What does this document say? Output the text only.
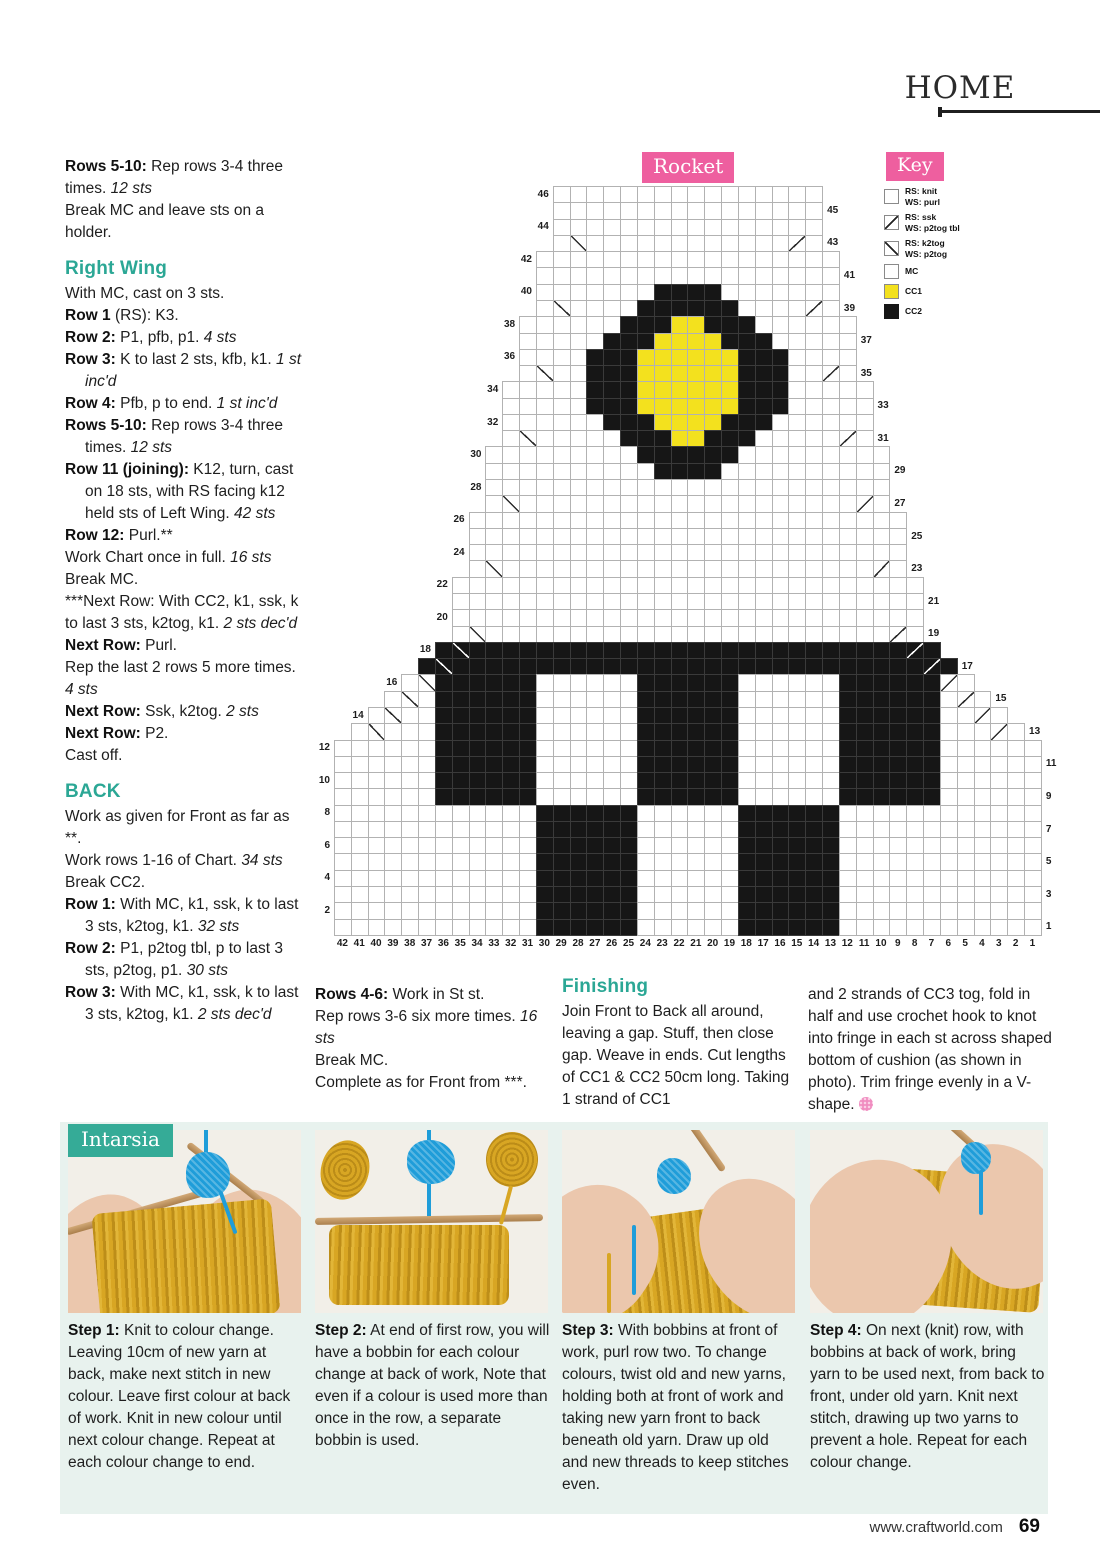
HOME

Rows 5-10: Rep rows 3-4 three times. 12 sts

Break MC and leave sts on a holder.

Right Wing

With MC, cast on 3 sts.

Row 1 (RS): K3.

Row 2: P1, pfb, p1. 4 sts

Row 3: K to last 2 sts, kfb, k1. 1 st inc'd

Row 4: Pfb, p to end. 1 st inc'd

Rows 5-10: Rep rows 3-4 three times. 12 sts

Row 11 (joining): K12, turn, cast on 18 sts, with RS facing k12 held sts of Left Wing. 42 sts

Row 12: Purl.**

Work Chart once in full. 16 sts

Break MC.

***Next Row: With CC2, k1, ssk, k to last 3 sts, k2tog, k1. 2 sts dec'd

Next Row: Purl.

Rep the last 2 rows 5 more times. 4 sts

Next Row: Ssk, k2tog. 2 sts

Next Row: P2.

Cast off.

BACK

Work as given for Front as far as **.

Work rows 1-16 of Chart. 34 sts

Break CC2.

Row 1: With MC, k1, ssk, k to last 3 sts, k2tog, k1. 32 sts

Row 2: P1, p2tog tbl, p to last 3 sts, p2tog, p1. 30 sts

Row 3: With MC, k1, ssk, k to last 3 sts, k2tog, k1. 2 sts dec'd

Rocket	Key
RS: knit
WS: purl
RS: ssk
WS: p2tog tbl
RS: k2tog
WS: p2tog
MC
CC1
CC2
46
45
44
43
42
41
40
39
38
37
36
35
34
33
32
31
30
29
28
27
26
25
24
23
22
21
20
19
18
17
16
15
14
13
12
11
10
9
8
7
6
5
4
3
2
1
42 41 40 39 38 37 36 35 34 33 32 31 30 29 28 27 26 25 24 23 22 21 20 19 18 17 16 15 14 13 12 11 10 9	8	7	6	5	4	3	2	1

Rows 4-6: Work in St st.

Rep rows 3-6 six more times. 16 sts

Break MC.

Complete as for Front from ***.

Finishing

Join Front to Back all around, leaving a gap. Stuff, then close gap. Weave in ends. Cut lengths of CC1 & CC2 50cm long. Taking 1 strand of CC1

and 2 strands of CC3 tog, fold in half and use crochet hook to knot into fringe in each st across shaped bottom of cushion (as shown in photo). Trim fringe evenly in a V-shape.

Intarsia

Step 1: Knit to colour change. Leaving 10cm of new yarn at back, make next stitch in new colour. Leave first colour at back of work. Knit in new colour until next colour change. Repeat at each colour change to end.

Step 2: At end of first row, you will have a bobbin for each colour change at back of work, Note that even if a colour is used more than once in the row, a separate bobbin is used.

Step 3: With bobbins at front of work, purl row two. To change colours, twist old and new yarns, holding both at front of work and taking new yarn front to back beneath old yarn. Draw up old and new threads to keep stitches even.

Step 4: On next (knit) row, with bobbins at back of work, bring yarn to be used next, from back to front, under old yarn. Knit next stitch, drawing up two yarns to prevent a hole. Repeat for each colour change.

www.craftworld.com 69
